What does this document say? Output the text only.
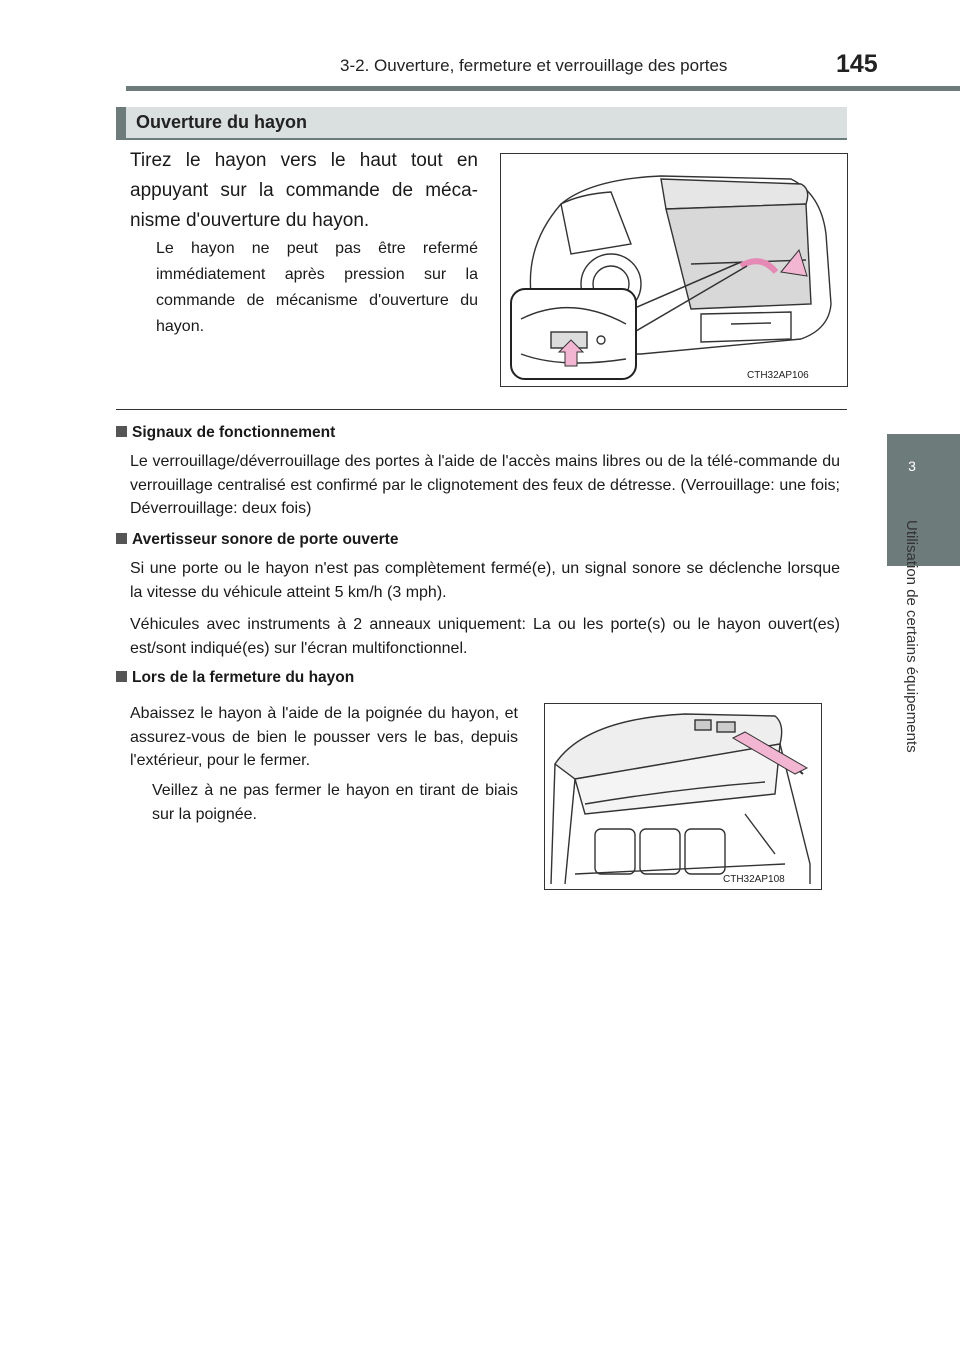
3-2. Ouverture, fermeture et verrouillage des portes	145
3
Utilisation de certains équipements
Ouverture du hayon
Tirez le hayon vers le haut tout en appuyant sur la commande de méca-nisme d'ouverture du hayon.
Le hayon ne peut pas être refermé immédiatement après pression sur la commande de mécanisme d'ouverture du hayon.
CTH32AP106
Signaux de fonctionnement
Le verrouillage/déverrouillage des portes à l'aide de l'accès mains libres ou de la télé-commande du verrouillage centralisé est confirmé par le clignotement des feux de détresse. (Verrouillage: une fois; Déverrouillage: deux fois)
Avertisseur sonore de porte ouverte
Si une porte ou le hayon n'est pas complètement fermé(e), un signal sonore se déclenche lorsque la vitesse du véhicule atteint 5 km/h (3 mph).
Véhicules avec instruments à 2 anneaux uniquement: La ou les porte(s) ou le hayon ouvert(es) est/sont indiqué(es) sur l'écran multifonctionnel.
Lors de la fermeture du hayon
Abaissez le hayon à l'aide de la poignée du hayon, et assurez-vous de bien le pousser vers le bas, depuis l'extérieur, pour le fermer.
Veillez à ne pas fermer le hayon en tirant de biais sur la poignée.
CTH32AP108
